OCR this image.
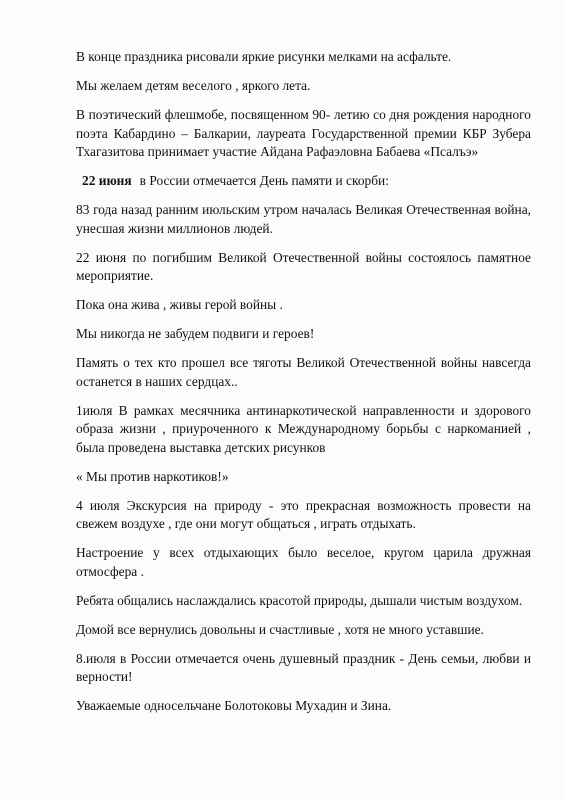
В конце праздника рисовали яркие рисунки мелками на асфальте.

Мы желаем детям веселого , яркого лета.

В поэтический флешмобе, посвященном 90- летию со дня рождения народного поэта Кабардино – Балкарии, лауреата Государственной премии КБР Зубера Тхагазитова принимает участие Айдана Рафаэловна Бабаева «Псалъэ»

22 июня в России отмечается День памяти и скорби:

83 года назад ранним июльским утром началась Великая Отечественная война, унесшая жизни миллионов людей.

22 июня по погибшим Великой Отечественной войны состоялось памятное мероприятие.

Пока она жива , живы герой войны .

Мы никогда не забудем подвиги и героев!

Память о тех кто прошел все тяготы Великой Отечественной войны навсегда останется в наших сердцах..

1июля В рамках месячника антинаркотической направленности и здорового образа жизни , приуроченного к Международному борьбы с наркоманией , была проведена выставка детских рисунков

« Мы против наркотиков!»

4 июля Экскурсия на природу - это прекрасная возможность провести на свежем воздухе , где они могут общаться , играть отдыхать.

Настроение у всех отдыхающих было веселое, кругом царила дружная отмосфера .

Ребята общались наслаждались красотой природы, дышали чистым воздухом.

Домой все вернулись довольны и счастливые , хотя не много уставшие.

8.июля в России отмечается очень душевный праздник - День семьи, любви и верности!

Уважаемые односельчане Болотоковы Мухадин и Зина.
